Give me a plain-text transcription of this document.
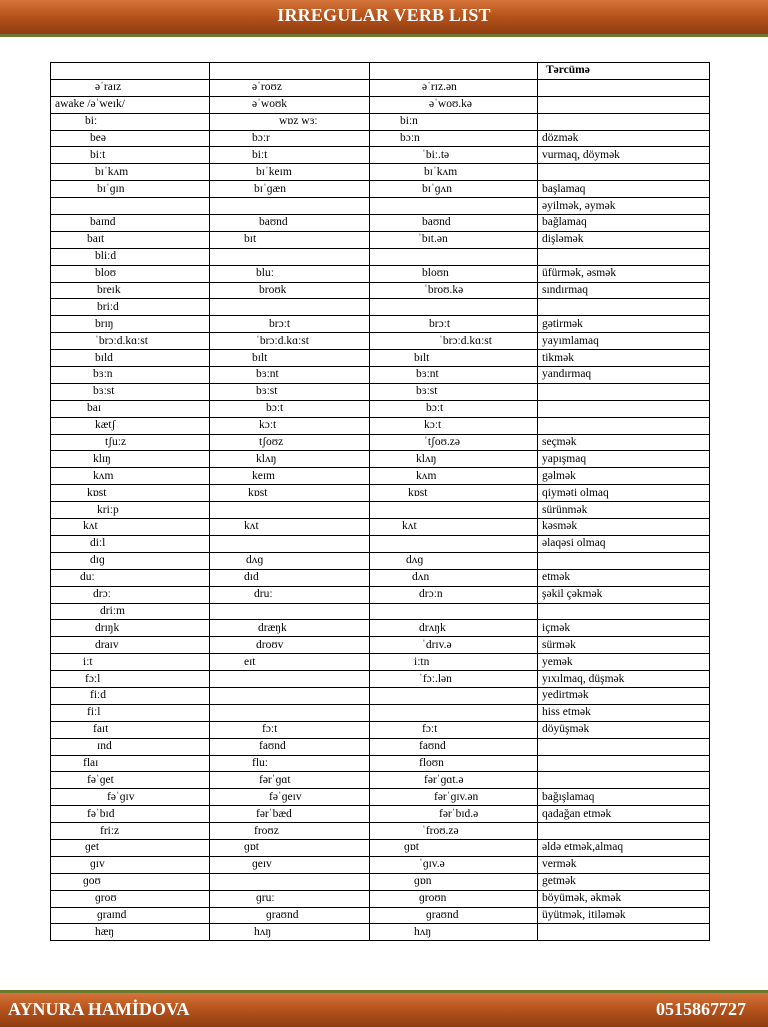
IRREGULAR VERB LIST
			Tərcümə
əˈraɪz	əˈroʊz	əˈrɪz.ən	
awake /əˈweɪk/	əˈwoʊk	əˈwoʊ.kə	
biː	wɒz wɜː	biːn	
beə	bɔːr	bɔːn	dözmək
biːt	biːt	ˈbiː.tə	vurmaq, döymək
bɪˈkʌm	bɪˈkeɪm	bɪˈkʌm	
bɪˈɡɪn	bɪˈɡæn	bɪˈɡʌn	başlamaq
			əyilmək, əymək
baɪnd	baʊnd	baʊnd	bağlamaq
baɪt	bɪt	ˈbɪt.ən	dişləmək
bliːd			
bloʊ	bluː	bloʊn	üfürmək, əsmək
breɪk	broʊk	ˈbroʊ.kə	sındırmaq
briːd			
brɪŋ	brɔːt	brɔːt	gətirmək
ˈbrɔːd.kɑːst	ˈbrɔːd.kɑːst	ˈbrɔːd.kɑːst	yayımlamaq
bɪld	bɪlt	bɪlt	tikmək
bɜːn	bɜːnt	bɜːnt	yandırmaq
bɜːst	bɜːst	bɜːst	
baɪ	bɔːt	bɔːt	
kætʃ	kɔːt	kɔːt	
tʃuːz	tʃoʊz	ˈtʃoʊ.zə	seçmək
klɪŋ	klʌŋ	klʌŋ	yapışmaq
kʌm	keɪm	kʌm	gəlmək
kɒst	kɒst	kɒst	qiyməti olmaq
kriːp			sürünmək
kʌt	kʌt	kʌt	kəsmək
diːl			əlaqəsi olmaq
dɪɡ	dʌɡ	dʌɡ	
duː	dɪd	dʌn	etmək
drɔː	druː	drɔːn	şəkil çəkmək
driːm			
drɪŋk	dræŋk	drʌŋk	içmək
draɪv	droʊv	ˈdrɪv.ə	sürmək
iːt	eɪt	iːtn	yemək
fɔːl		ˈfɔː.lən	yıxılmaq, düşmək
fiːd			yedirtmək
fiːl			hiss etmək
faɪt	fɔːt	fɔːt	döyüşmək
ɪnd	faʊnd	faʊnd	
flaɪ	fluː	floʊn	
fəˈɡet	fərˈɡɑt	fərˈɡɑt.ə	
fəˈɡɪv	fəˈɡeɪv	fərˈɡɪv.ən	bağışlamaq
fəˈbɪd	fərˈbæd	fərˈbɪd.ə	qadağan etmək
friːz	froʊz	ˈfroʊ.zə	
ɡet	ɡɒt	ɡɒt	əldə etmək,almaq
ɡɪv	ɡeɪv	ˈɡɪv.ə	vermək
ɡoʊ		ɡɒn	getmək
ɡroʊ	ɡruː	ɡroʊn	böyümək, əkmək
ɡraɪnd	ɡraʊnd	ɡraʊnd	üyütmək, itiləmək
hæŋ	hʌŋ	hʌŋ	
AYNURA HAMİDOVA	0515867727
